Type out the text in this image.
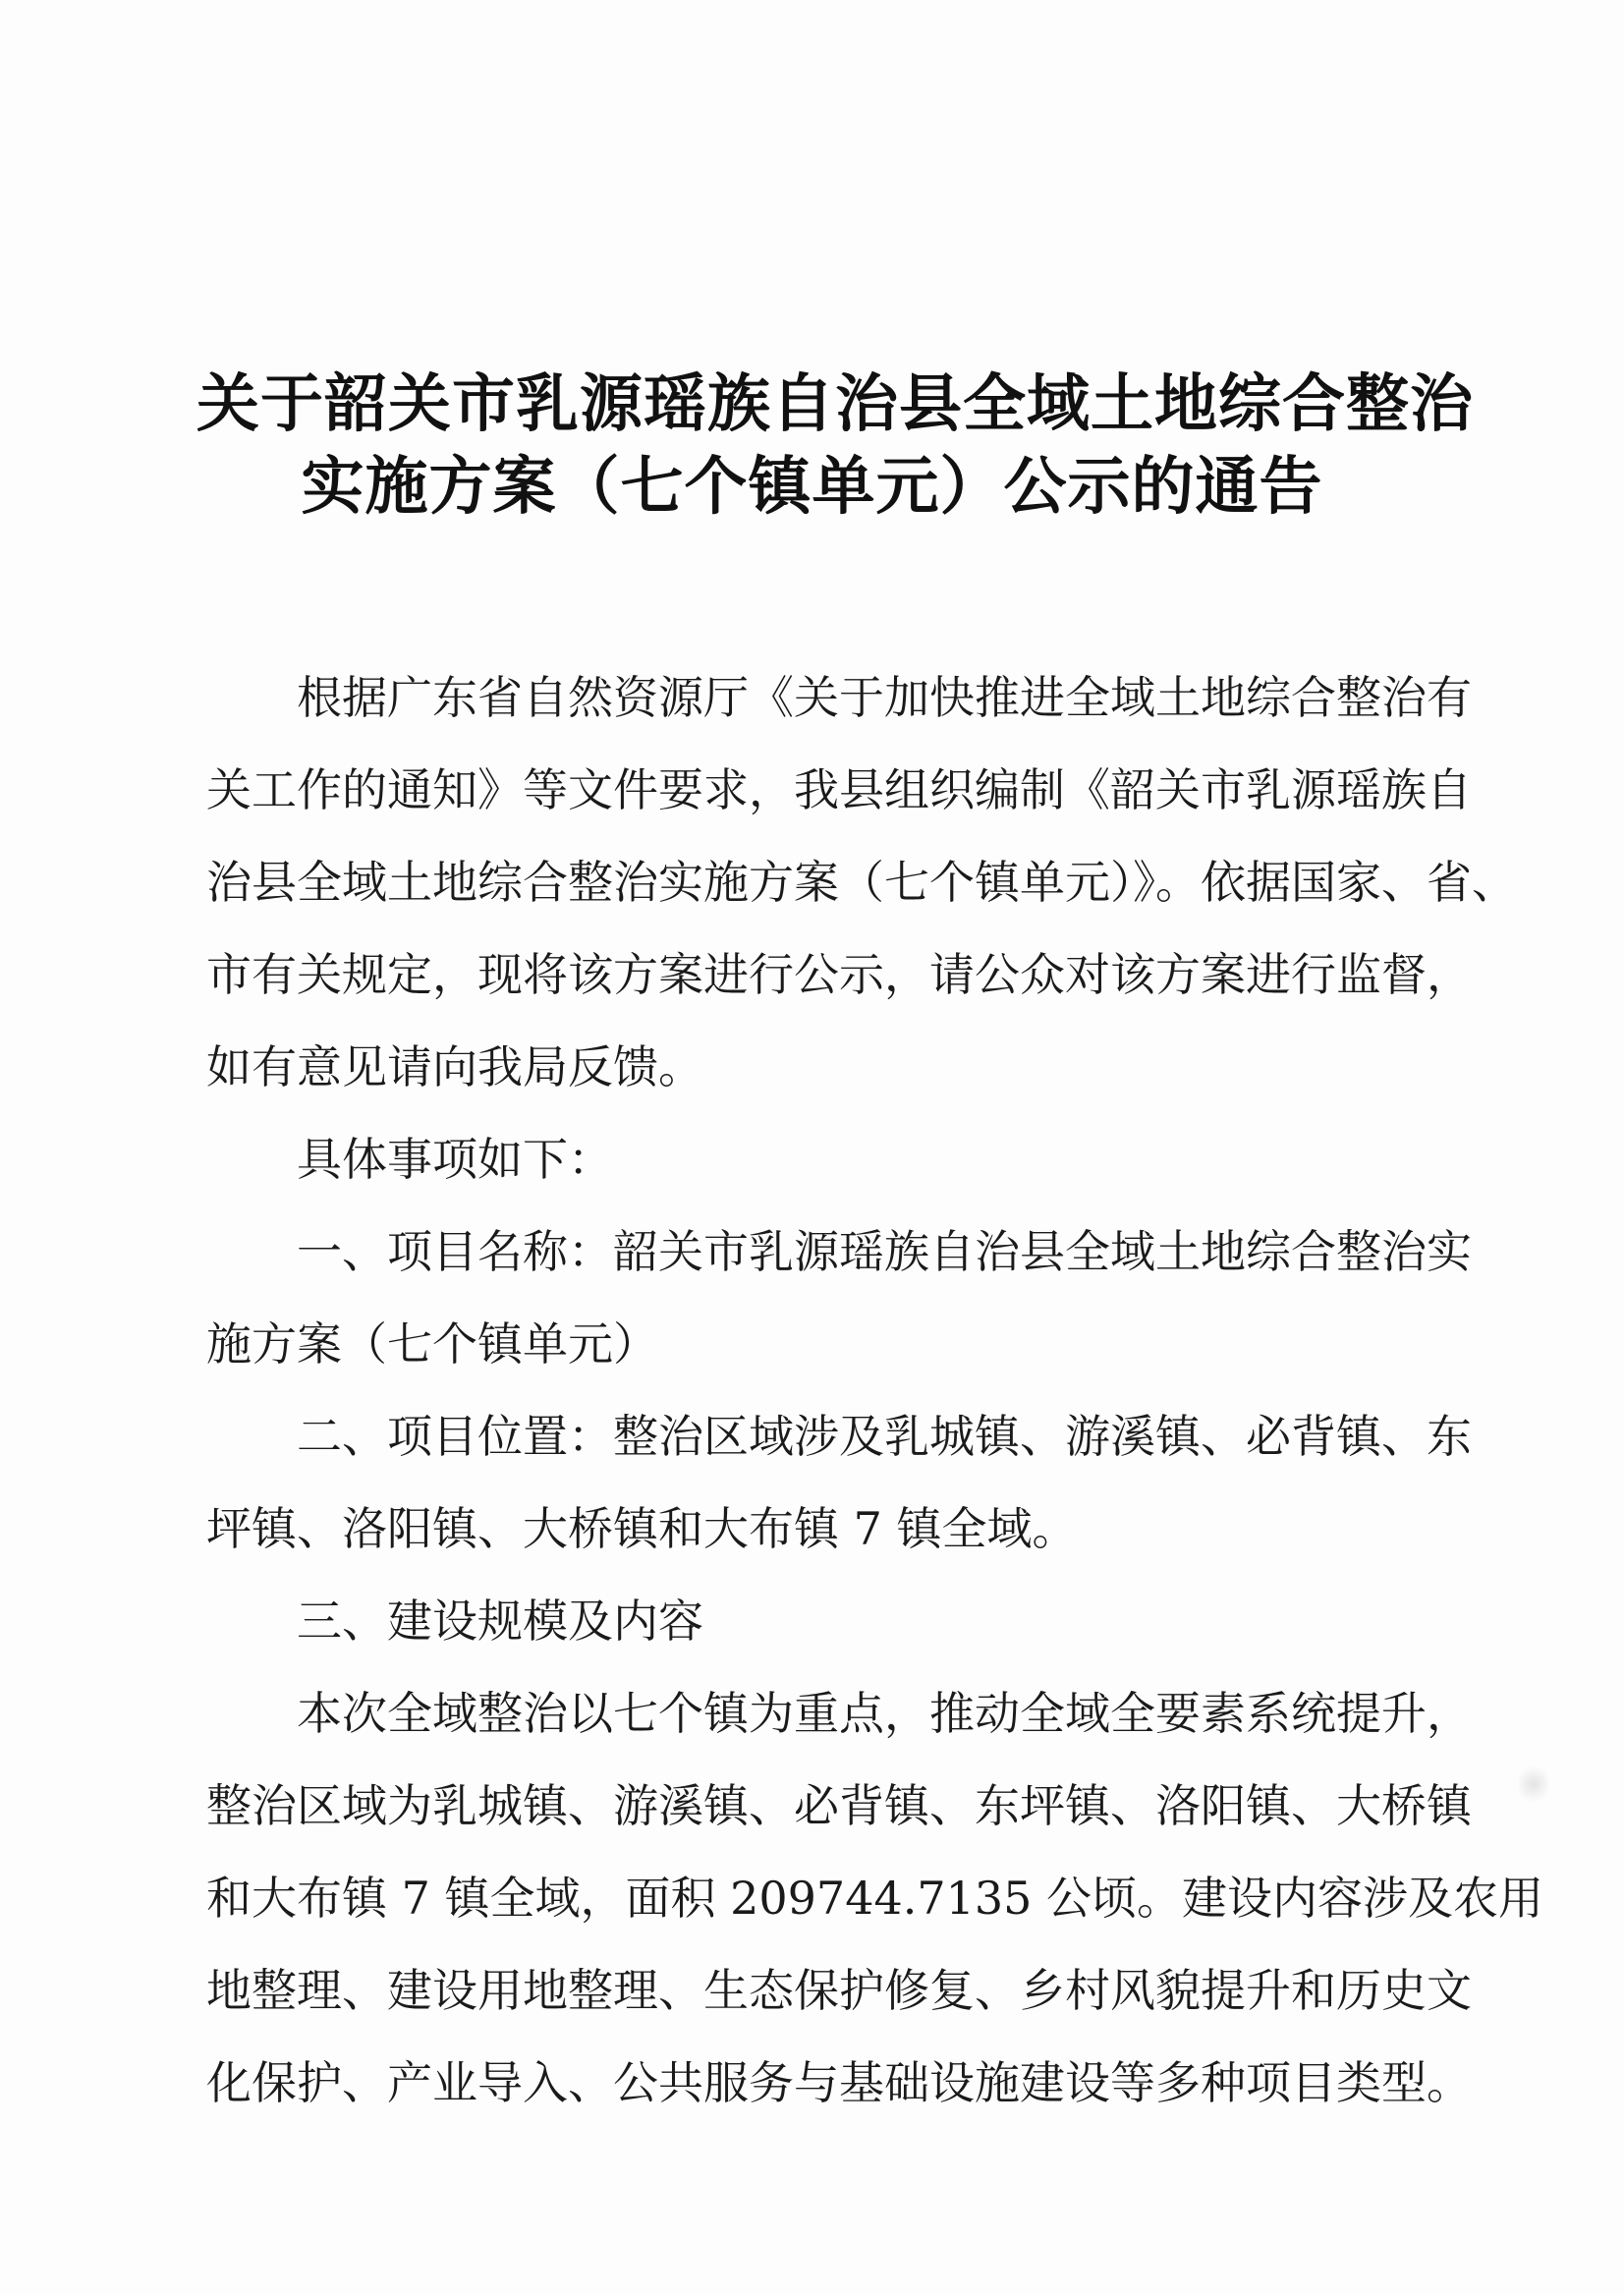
关于韶关市乳源瑶族自治县全域土地综合整治
实施方案（七个镇单元）公示的通告
根据广东省自然资源厅《关于加快推进全域土地综合整治有
关工作的通知》等文件要求，我县组织编制《韶关市乳源瑶族自
治县全域土地综合整治实施方案（七个镇单元）》。依据国家、省、
市有关规定，现将该方案进行公示，请公众对该方案进行监督，
如有意见请向我局反馈。
具体事项如下：
一、项目名称：韶关市乳源瑶族自治县全域土地综合整治实
施方案（七个镇单元）
二、项目位置：整治区域涉及乳城镇、游溪镇、必背镇、东
坪镇、洛阳镇、大桥镇和大布镇 7 镇全域。
三、建设规模及内容
本次全域整治以七个镇为重点，推动全域全要素系统提升，
整治区域为乳城镇、游溪镇、必背镇、东坪镇、洛阳镇、大桥镇
和大布镇 7 镇全域，面积 209744.7135 公顷。建设内容涉及农用
地整理、建设用地整理、生态保护修复、乡村风貌提升和历史文
化保护、产业导入、公共服务与基础设施建设等多种项目类型。
